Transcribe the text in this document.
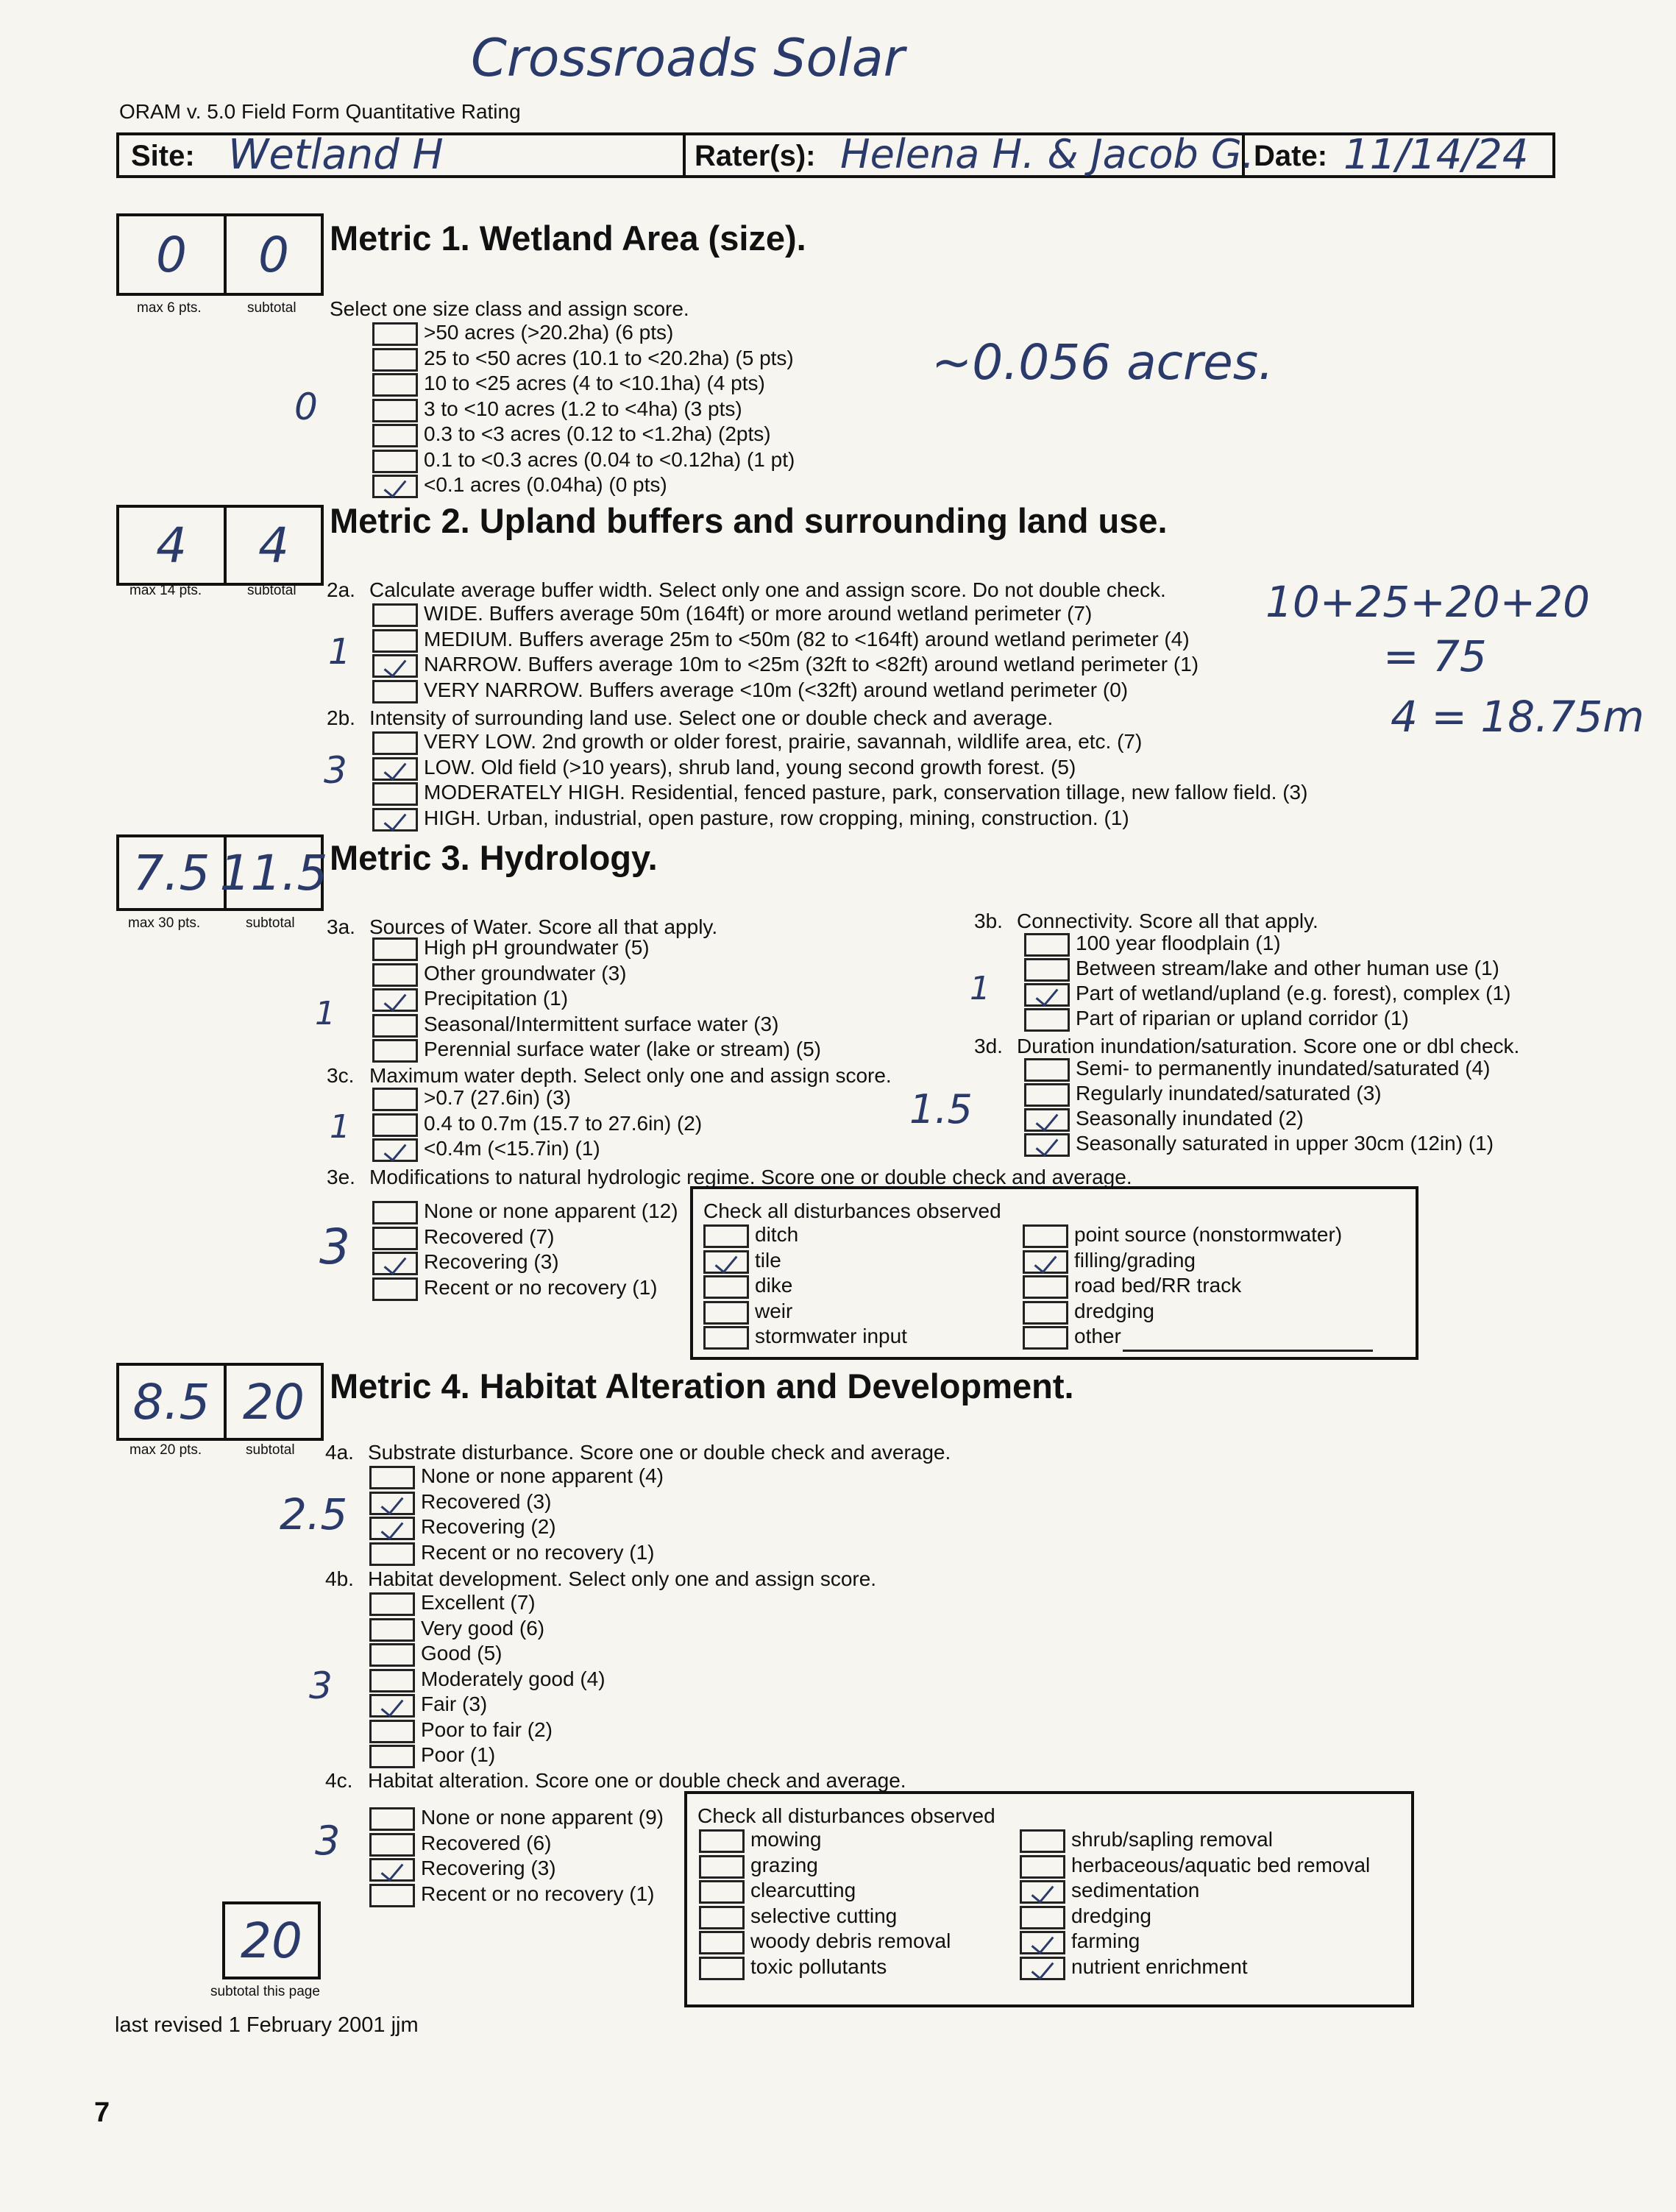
Crossroads Solar
ORAM v. 5.0 Field Form Quantitative Rating
Site: Wetland H	Rater(s): Helena H. & Jacob G. Date: 11/14/24
0 0
max 6 pts.	subtotal
4 4
max 14 pts.	subtotal
7.5 11.5
max 30 pts.	subtotal
8.5 20
max 20 pts.	subtotal
Metric 1. Wetland Area (size).
Metric 2. Upland buffers and surrounding land use.
Metric 3. Hydrology.
Metric 4. Habitat Alteration and Development.
Select one size class and assign score.
>50 acres (>20.2ha) (6 pts)
25 to <50 acres (10.1 to <20.2ha) (5 pts)
10 to <25 acres (4 to <10.1ha) (4 pts)
3 to <10 acres (1.2 to <4ha) (3 pts)
0.3 to <3 acres (0.12 to <1.2ha) (2pts)
0.1 to <0.3 acres (0.04 to <0.12ha) (1 pt)
<0.1 acres (0.04ha) (0 pts)
0
~0.056 acres.
2a. Calculate average buffer width. Select only one and assign score. Do not double check.
WIDE. Buffers average 50m (164ft) or more around wetland perimeter (7)
MEDIUM. Buffers average 25m to <50m (82 to <164ft) around wetland perimeter (4)
NARROW. Buffers average 10m to <25m (32ft to <82ft) around wetland perimeter (1)
VERY NARROW. Buffers average <10m (<32ft) around wetland perimeter (0)
1
2b. Intensity of surrounding land use. Select one or double check and average.
VERY LOW. 2nd growth or older forest, prairie, savannah, wildlife area, etc. (7)
LOW. Old field (>10 years), shrub land, young second growth forest. (5)
MODERATELY HIGH. Residential, fenced pasture, park, conservation tillage, new fallow field. (3)
HIGH. Urban, industrial, open pasture, row cropping, mining, construction. (1)
3
10+25+20+20
= 75
4 = 18.75m
3a. Sources of Water. Score all that apply.
High pH groundwater (5)
Other groundwater (3)
Precipitation (1)
Seasonal/Intermittent surface water (3)
Perennial surface water (lake or stream) (5)
1
3b. Connectivity. Score all that apply.
100 year floodplain (1)
Between stream/lake and other human use (1)
Part of wetland/upland (e.g. forest), complex (1)
Part of riparian or upland corridor (1)
1
3c. Maximum water depth. Select only one and assign score.
>0.7 (27.6in) (3)
0.4 to 0.7m (15.7 to 27.6in) (2)
<0.4m (<15.7in) (1)
1
3d. Duration inundation/saturation. Score one or dbl check.
Semi- to permanently inundated/saturated (4)
Regularly inundated/saturated (3)
Seasonally inundated (2)
Seasonally saturated in upper 30cm (12in) (1)
1.5
3e. Modifications to natural hydrologic regime. Score one or double check and average.
None or none apparent (12)
Recovered (7)
Recovering (3)
Recent or no recovery (1)
3
Check all disturbances observed
ditch
tile
dike
weir
stormwater input
point source (nonstormwater)
filling/grading
road bed/RR track
dredging
other
4a. Substrate disturbance. Score one or double check and average.
None or none apparent (4)
Recovered (3)
Recovering (2)
Recent or no recovery (1)
2.5
4b. Habitat development. Select only one and assign score.
Excellent (7)
Very good (6)
Good (5)
Moderately good (4)
Fair (3)
Poor to fair (2)
Poor (1)
3
4c. Habitat alteration. Score one or double check and average.
None or none apparent (9)
Recovered (6)
Recovering (3)
Recent or no recovery (1)
3
Check all disturbances observed
mowing
grazing
clearcutting
selective cutting
woody debris removal
toxic pollutants
shrub/sapling removal
herbaceous/aquatic bed removal
sedimentation
dredging
farming
nutrient enrichment
20
subtotal this page
last revised 1 February 2001 jjm
7
